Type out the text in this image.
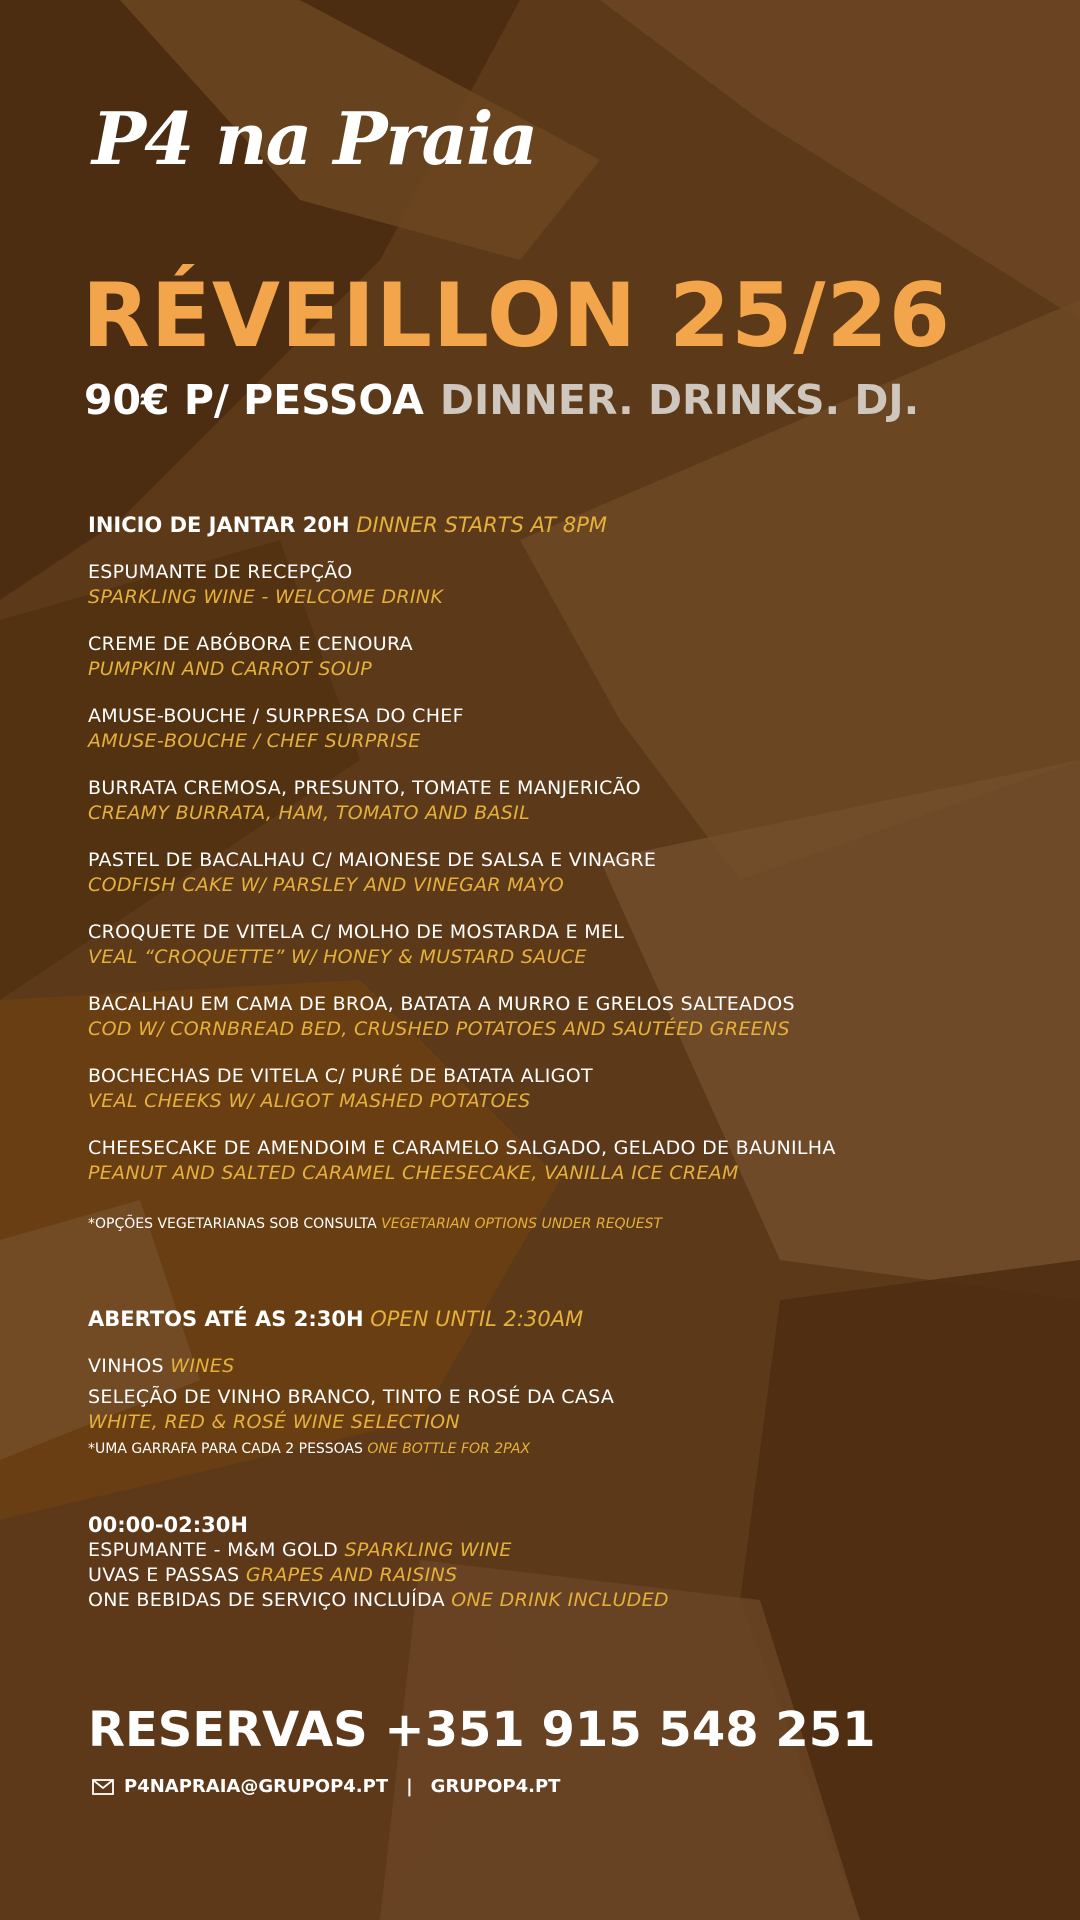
P4 na Praia
RÉVEILLON 25/26
90€ P/ PESSOA DINNER. DRINKS. DJ.
INICIO DE JANTAR 20H DINNER STARTS AT 8PM
ESPUMANTE DE RECEPÇÃO
SPARKLING WINE - WELCOME DRINK
CREME DE ABÓBORA E CENOURA
PUMPKIN AND CARROT SOUP
AMUSE-BOUCHE / SURPRESA DO CHEF
AMUSE-BOUCHE / CHEF SURPRISE
BURRATA CREMOSA, PRESUNTO, TOMATE E MANJERICÃO
CREAMY BURRATA, HAM, TOMATO AND BASIL
PASTEL DE BACALHAU C/ MAIONESE DE SALSA E VINAGRE
CODFISH CAKE W/ PARSLEY AND VINEGAR MAYO
CROQUETE DE VITELA C/ MOLHO DE MOSTARDA E MEL
VEAL “CROQUETTE” W/ HONEY & MUSTARD SAUCE
BACALHAU EM CAMA DE BROA, BATATA A MURRO E GRELOS SALTEADOS
COD W/ CORNBREAD BED, CRUSHED POTATOES AND SAUTÉED GREENS
BOCHECHAS DE VITELA C/ PURÉ DE BATATA ALIGOT
VEAL CHEEKS W/ ALIGOT MASHED POTATOES
CHEESECAKE DE AMENDOIM E CARAMELO SALGADO, GELADO DE BAUNILHA
PEANUT AND SALTED CARAMEL CHEESECAKE, VANILLA ICE CREAM
*OPÇÕES VEGETARIANAS SOB CONSULTA VEGETARIAN OPTIONS UNDER REQUEST
ABERTOS ATÉ AS 2:30H OPEN UNTIL 2:30AM
VINHOS WINES
SELEÇÃO DE VINHO BRANCO, TINTO E ROSÉ DA CASA
WHITE, RED & ROSÉ WINE SELECTION
*UMA GARRAFA PARA CADA 2 PESSOAS ONE BOTTLE FOR 2PAX
00:00-02:30H
ESPUMANTE - M&M GOLD SPARKLING WINE
UVAS E PASSAS GRAPES AND RAISINS
ONE BEBIDAS DE SERVIÇO INCLUÍDA ONE DRINK INCLUDED
RESERVAS +351 915 548 251
P4NAPRAIA@GRUPOP4.PT | GRUPOP4.PT
